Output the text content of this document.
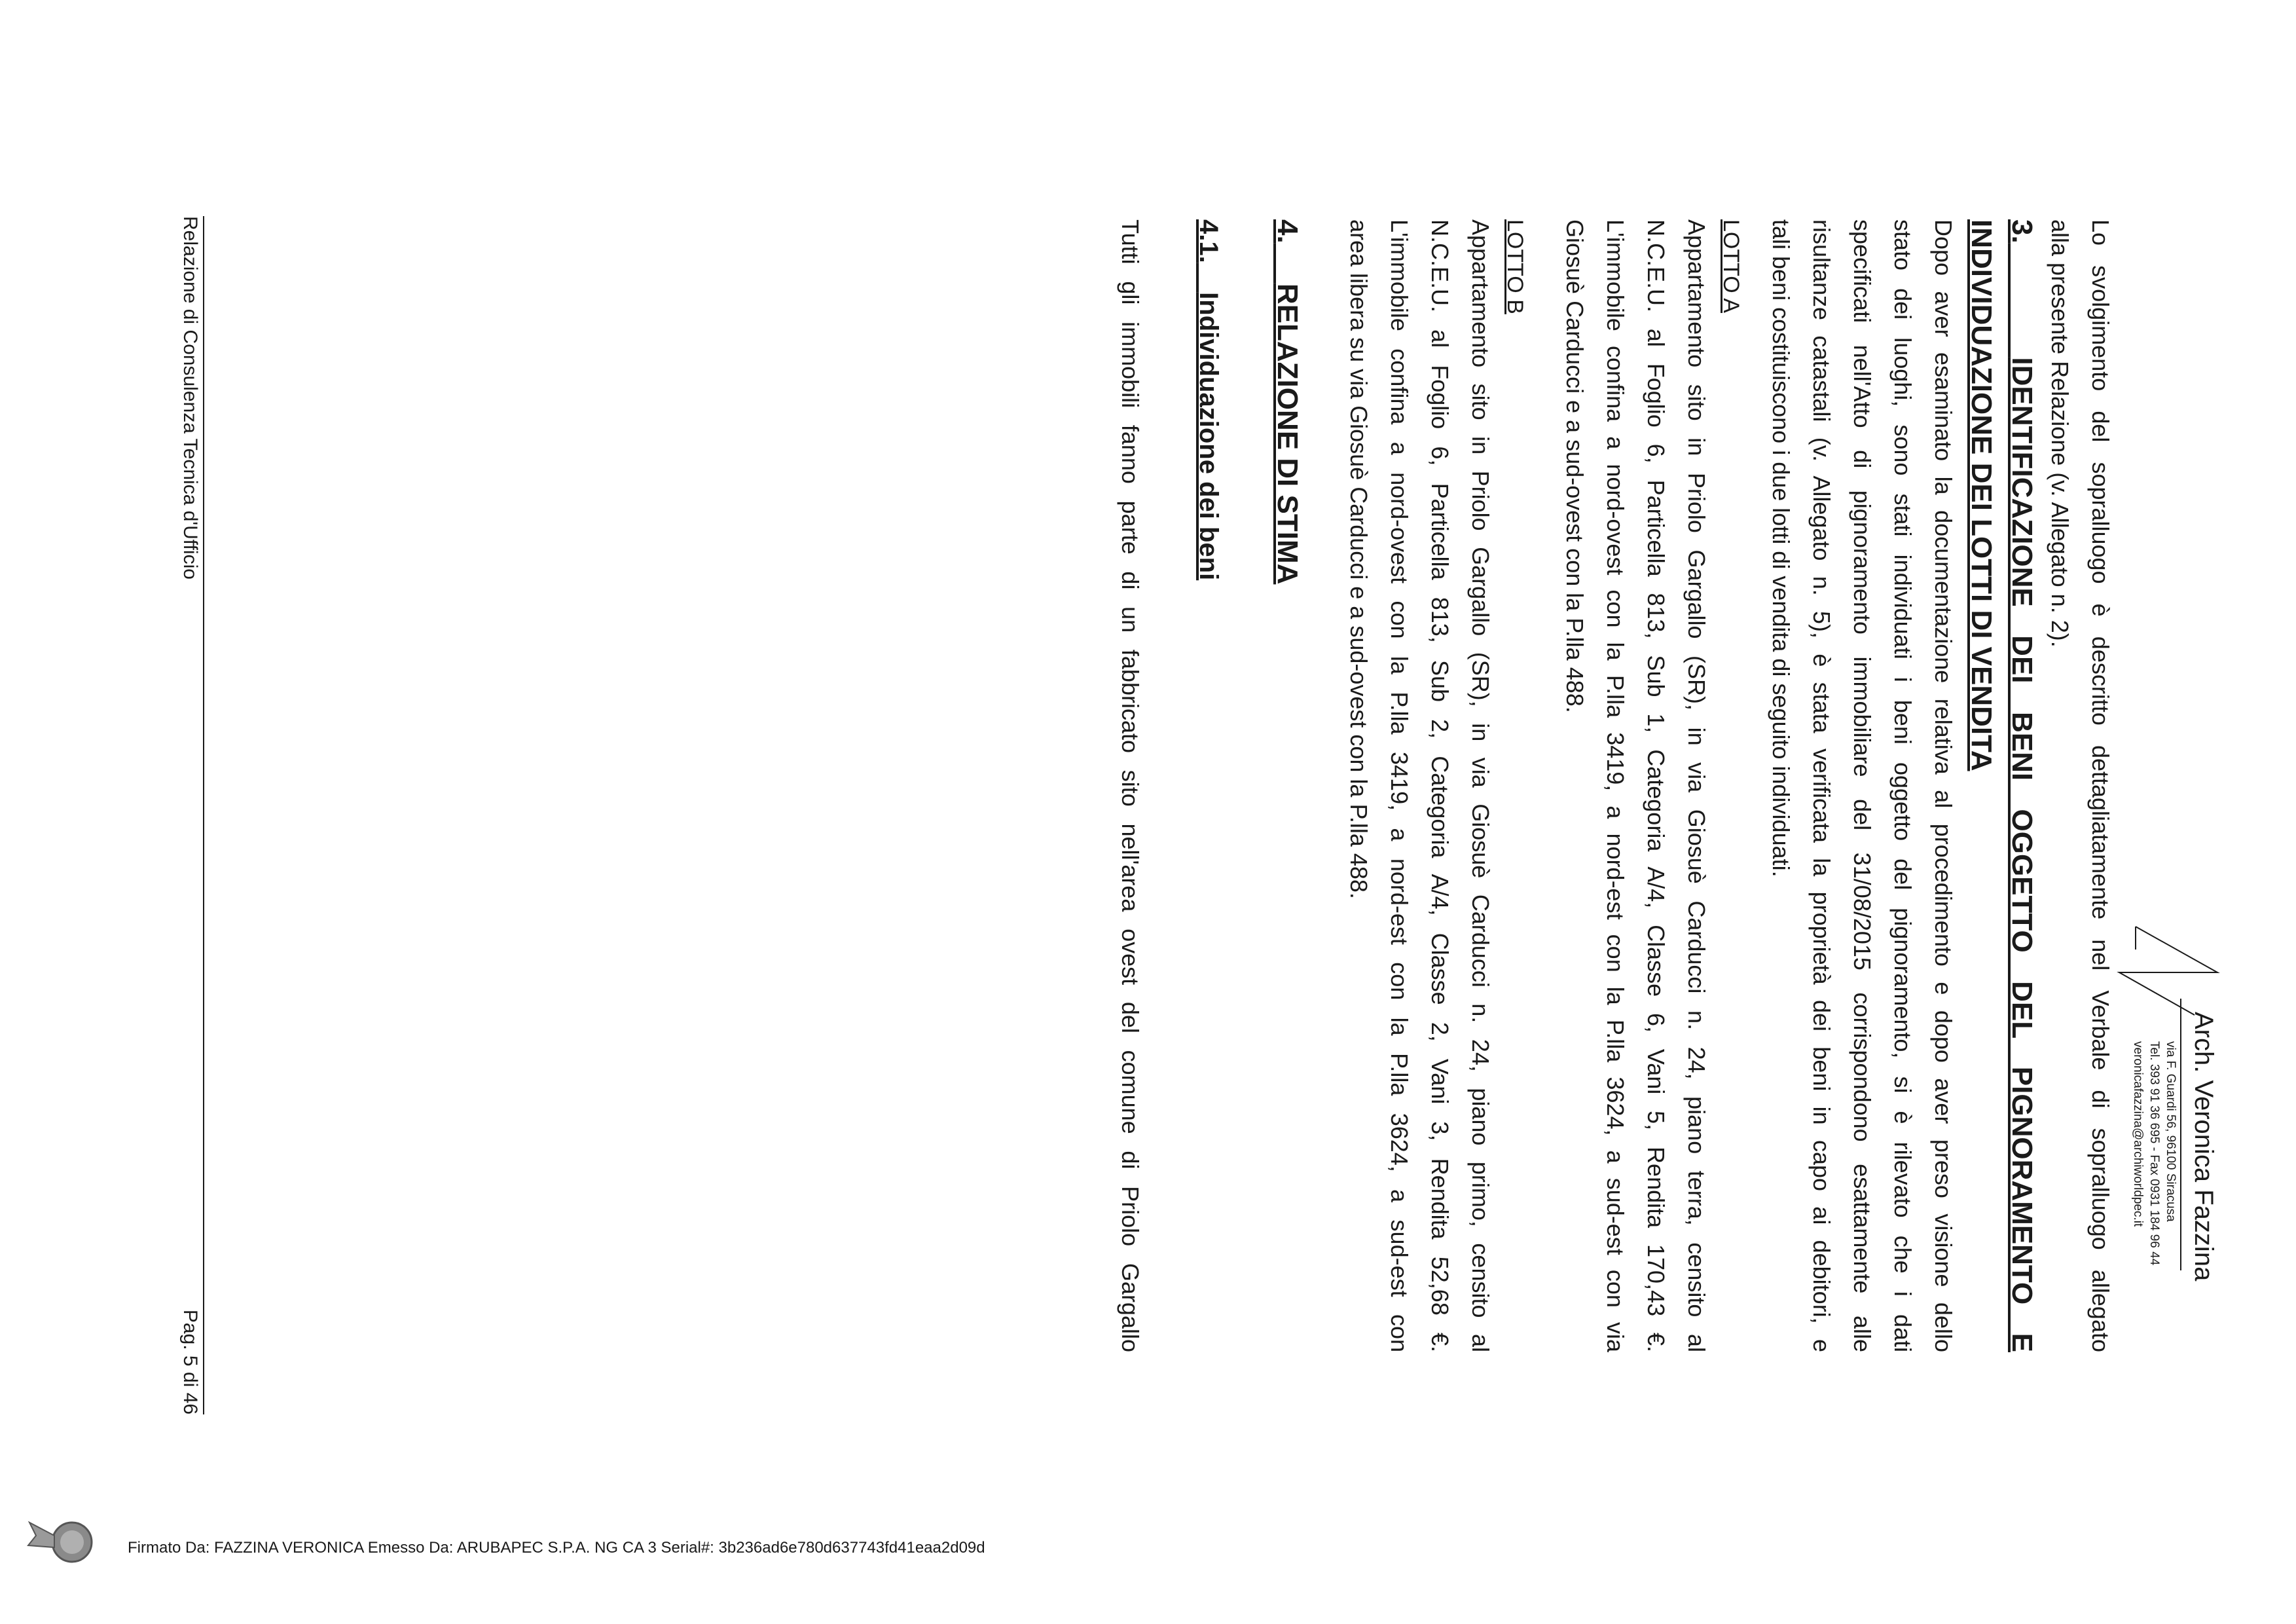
Arch. Veronica Fazzina
via F. Guardi 56, 96100 Siracusa
Tel. 393 91 36 695 - Fax 0931 184 96 44
veronicafazzina@archiworldpec.it
Lo svolgimento del sopralluogo è descritto dettagliatamente nel Verbale di sopralluogo allegato
alla presente Relazione (v. Allegato n. 2).
3.    IDENTIFICAZIONE DEI BENI OGGETTO DEL PIGNORAMENTO E
INDIVIDUAZIONE DEI LOTTI DI VENDITA
Dopo aver esaminato la documentazione relativa al procedimento e dopo aver preso visione dello
stato dei luoghi, sono stati individuati i beni oggetto del pignoramento, si è rilevato che i dati
specificati nell'Atto di pignoramento immobiliare del 31/08/2015 corrispondono esattamente alle
risultanze catastali (v. Allegato n. 5), è stata verificata la proprietà dei beni in capo ai debitori, e
tali beni costituiscono i due lotti di vendita di seguito individuati.
LOTTO A
Appartamento sito in Priolo Gargallo (SR), in via Giosuè Carducci n. 24, piano terra, censito al
N.C.E.U. al Foglio 6, Particella 813, Sub 1, Categoria A/4, Classe 6, Vani 5, Rendita 170,43 €.
L'immobile confina a nord-ovest con la P.lla 3419, a nord-est con la P.lla 3624, a sud-est con via
Giosuè Carducci e a sud-ovest con la P.lla 488.
LOTTO B
Appartamento sito in Priolo Gargallo (SR), in via Giosuè Carducci n. 24, piano primo, censito al
N.C.E.U. al Foglio 6, Particella 813, Sub 2, Categoria A/4, Classe 2, Vani 3, Rendita 52,68 €.
L'immobile confina a nord-ovest con la P.lla 3419, a nord-est con la P.lla 3624, a sud-est con
area libera su via Giosuè Carducci e a sud-ovest con la P.lla 488.
4.     RELAZIONE DI STIMA
4.1.    Individuazione dei beni
Tutti gli immobili fanno parte di un fabbricato sito nell'area ovest del comune di Priolo Gargallo
Relazione di Consulenza Tecnica d'Ufficio
Pag. 5 di 46
Firmato Da: FAZZINA VERONICA Emesso Da: ARUBAPEC S.P.A. NG CA 3 Serial#: 3b236ad6e780d637743fd41eaa2d09d
